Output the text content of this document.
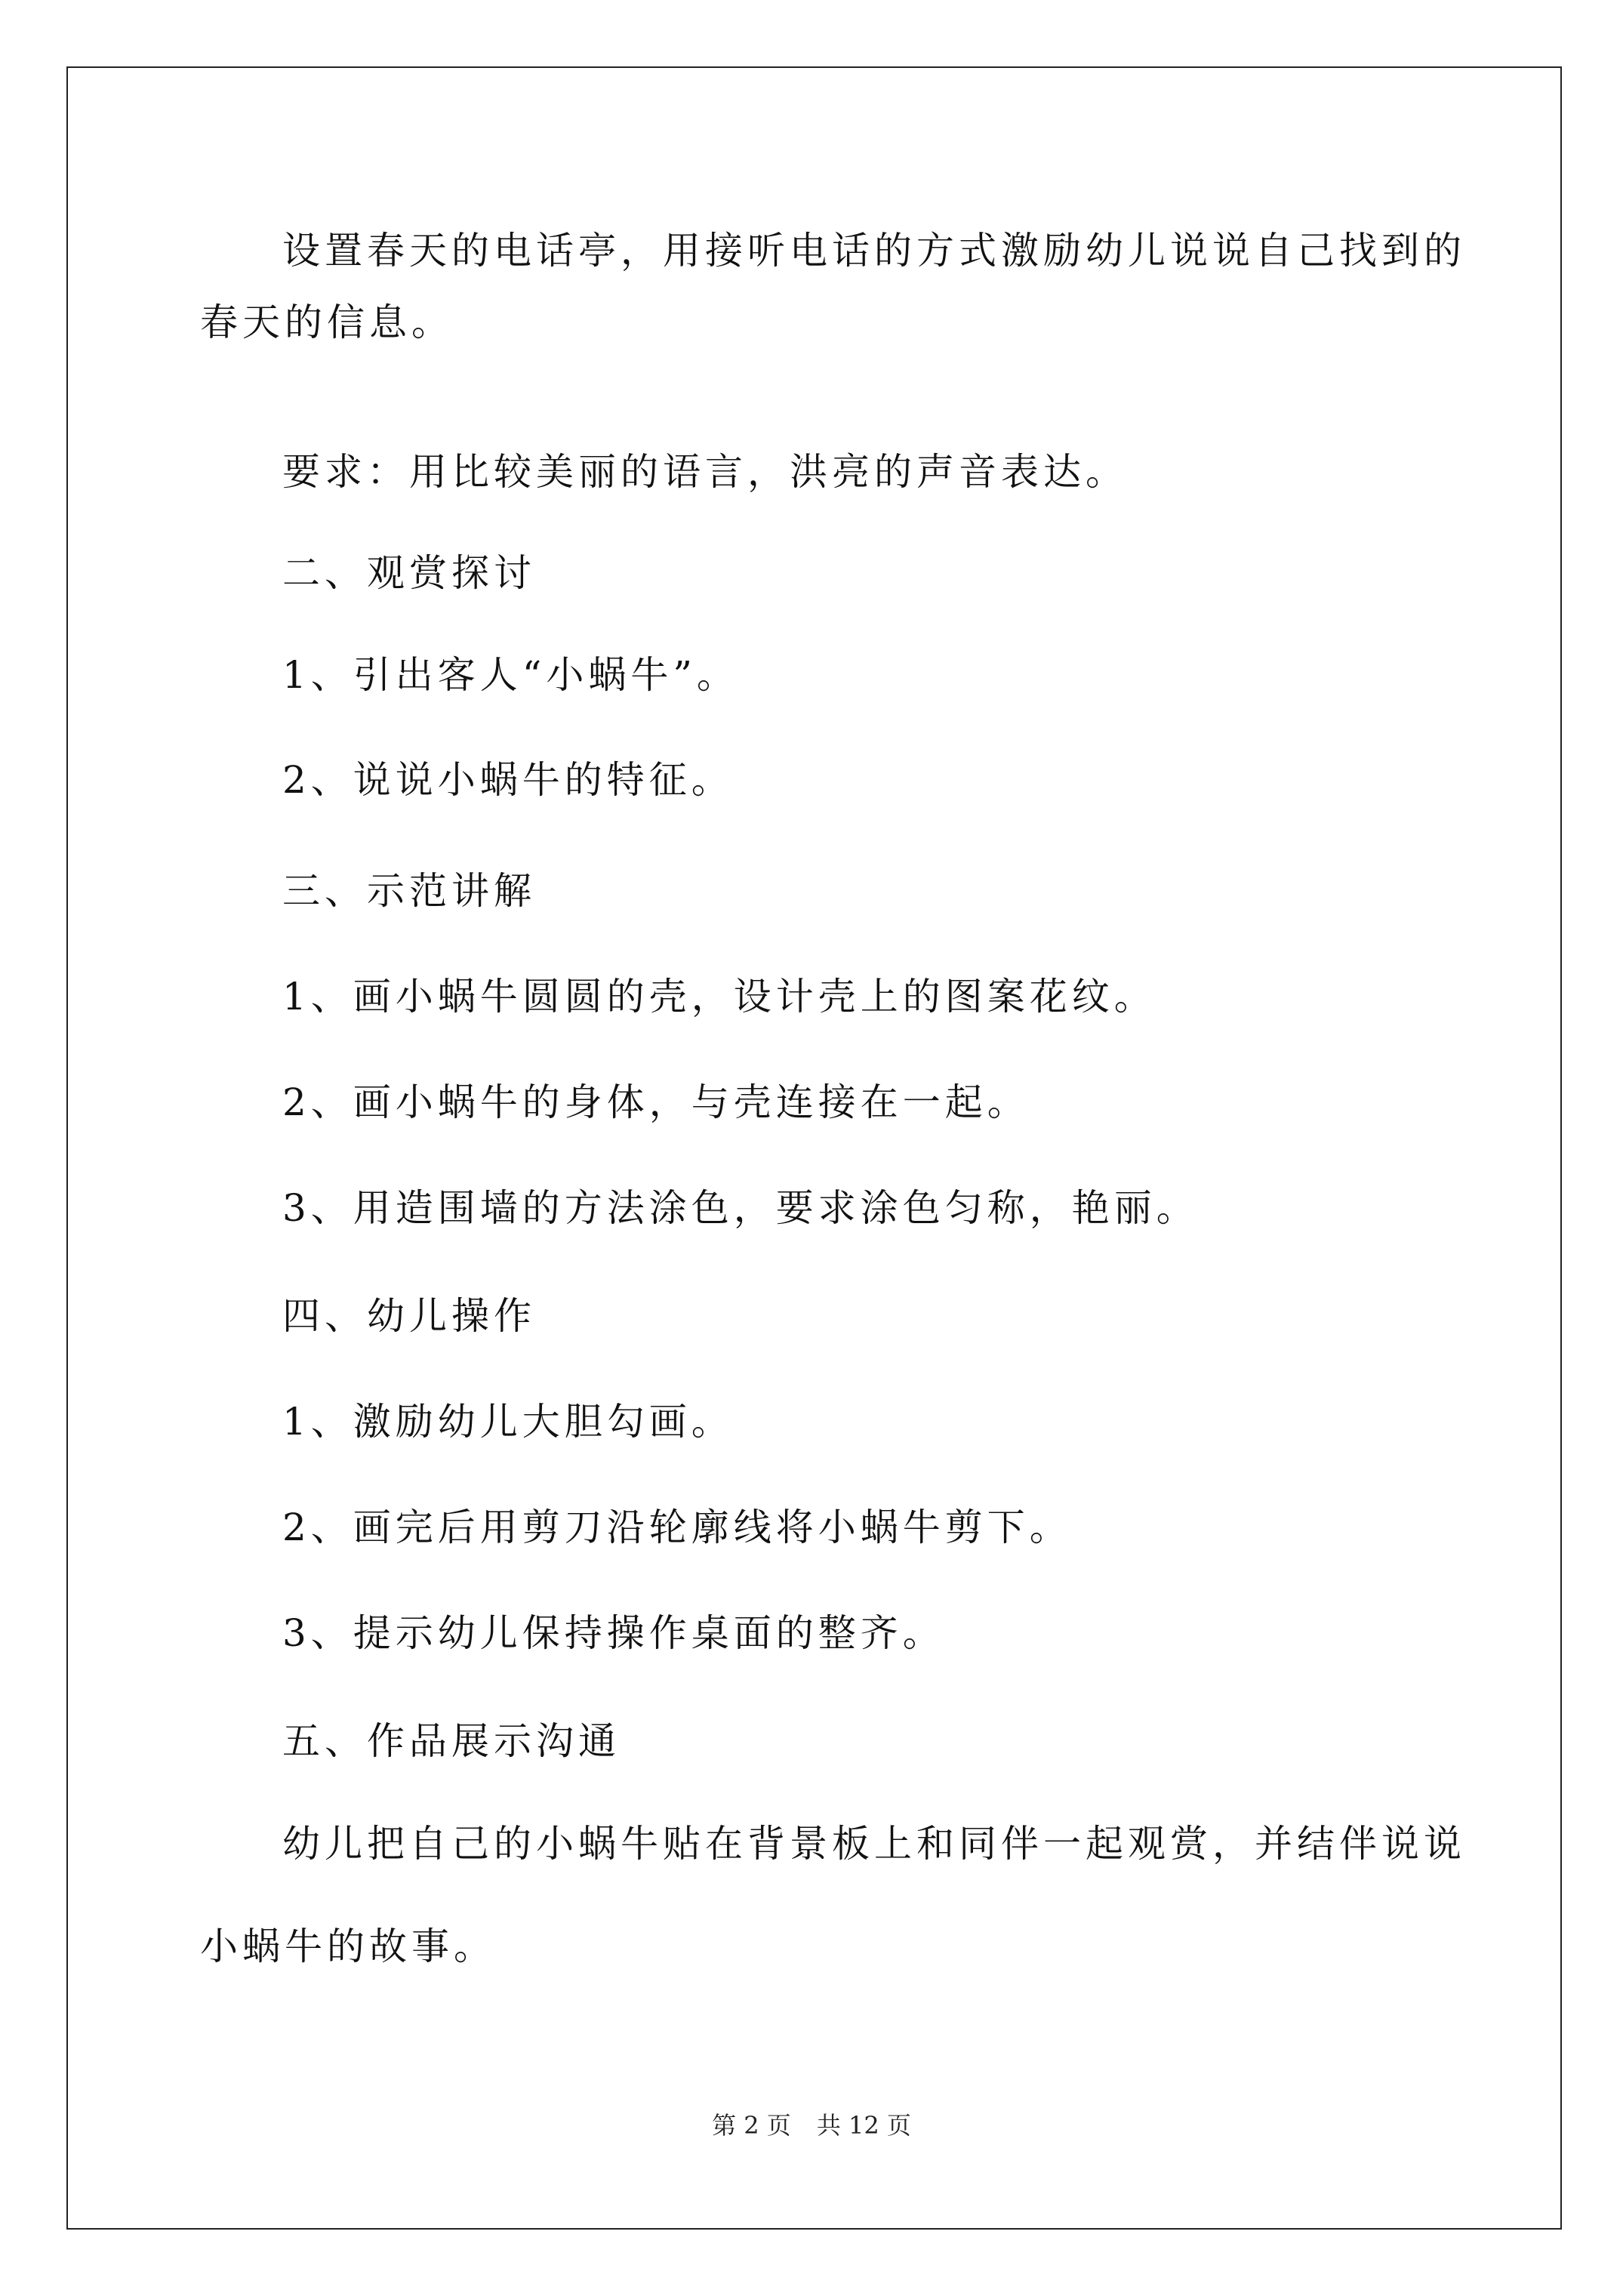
设置春天的电话亭，用接听电话的方式激励幼儿说说自己找到的
春天的信息。
要求：用比较美丽的语言，洪亮的声音表达。
二、观赏探讨
1、引出客人“小蜗牛”。
2、说说小蜗牛的特征。
三、示范讲解
1、画小蜗牛圆圆的壳，设计壳上的图案花纹。
2、画小蜗牛的身体，与壳连接在一起。
3、用造围墙的方法涂色，要求涂色匀称，艳丽。
四、幼儿操作
1、激励幼儿大胆勾画。
2、画完后用剪刀沿轮廓线将小蜗牛剪下。
3、提示幼儿保持操作桌面的整齐。
五、作品展示沟通
幼儿把自己的小蜗牛贴在背景板上和同伴一起观赏，并结伴说说
小蜗牛的故事。
第 2 页 共 12 页
